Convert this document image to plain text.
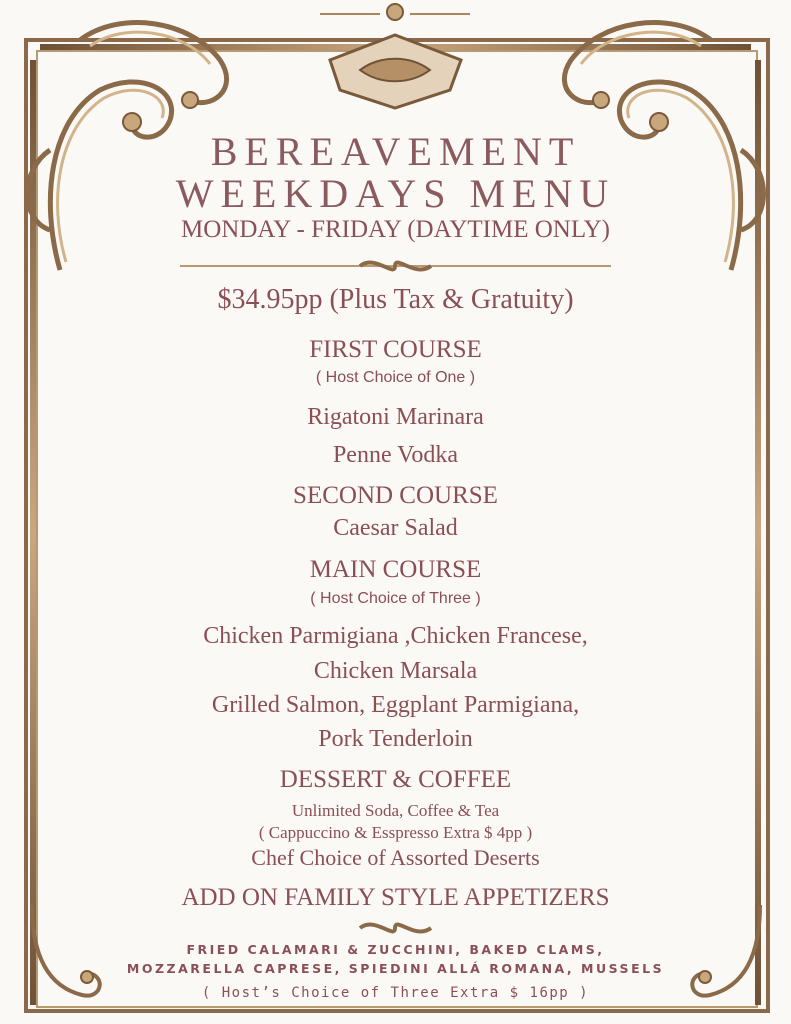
BEREAVEMENT
WEEKDAYS MENU
MONDAY - FRIDAY (DAYTIME ONLY)
$34.95pp (Plus Tax & Gratuity)
FIRST COURSE
( Host Choice of One )
Rigatoni Marinara
Penne Vodka
SECOND COURSE
Caesar Salad
MAIN COURSE
( Host Choice of Three )
Chicken Parmigiana ,Chicken Francese,
Chicken Marsala
Grilled Salmon, Eggplant Parmigiana,
Pork Tenderloin
DESSERT & COFFEE
Unlimited Soda, Coffee & Tea
( Cappuccino & Esspresso Extra $ 4pp )
Chef Choice of Assorted Deserts
ADD ON FAMILY STYLE APPETIZERS
FRIED CALAMARI & ZUCCHINI, BAKED CLAMS,
MOZZARELLA CAPRESE, SPIEDINI ALLÁ ROMANA, MUSSELS
( Host’s Choice of Three Extra $ 16pp )
